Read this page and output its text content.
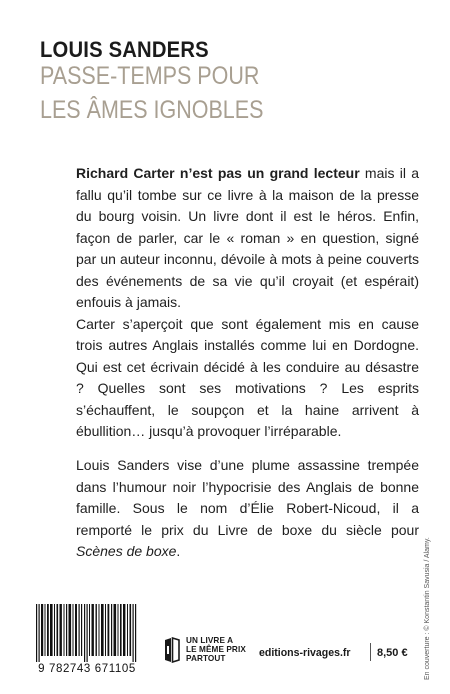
LOUIS SANDERS
PASSE-TEMPS POUR
LES ÂMES IGNOBLES
Richard Carter n’est pas un grand lecteur mais il a fallu qu’il tombe sur ce livre à la maison de la presse du bourg voisin. Un livre dont il est le héros. Enfin, façon de parler, car le « roman » en question, signé par un auteur inconnu, dévoile à mots à peine couverts des événements de sa vie qu’il croyait (et espérait) enfouis à jamais.
Carter s’aperçoit que sont également mis en cause trois autres Anglais installés comme lui en Dordogne. Qui est cet écrivain décidé à les conduire au désastre ? Quelles sont ses motivations ? Les esprits s’échauffent, le soupçon et la haine arrivent à ébullition… jusqu’à provoquer l’irréparable.
Louis Sanders vise d’une plume assassine trempée dans l’humour noir l’hypocrisie des Anglais de bonne famille. Sous le nom d’Élie Robert-Nicoud, il a remporté le prix du Livre de boxe du siècle pour Scènes de boxe.
9 782743 671105
UN LIVRE A
LE MÊME PRIX
PARTOUT	editions-rivages.fr 8,50 € En couverture : © Konstantin Savusia / Alamy.
